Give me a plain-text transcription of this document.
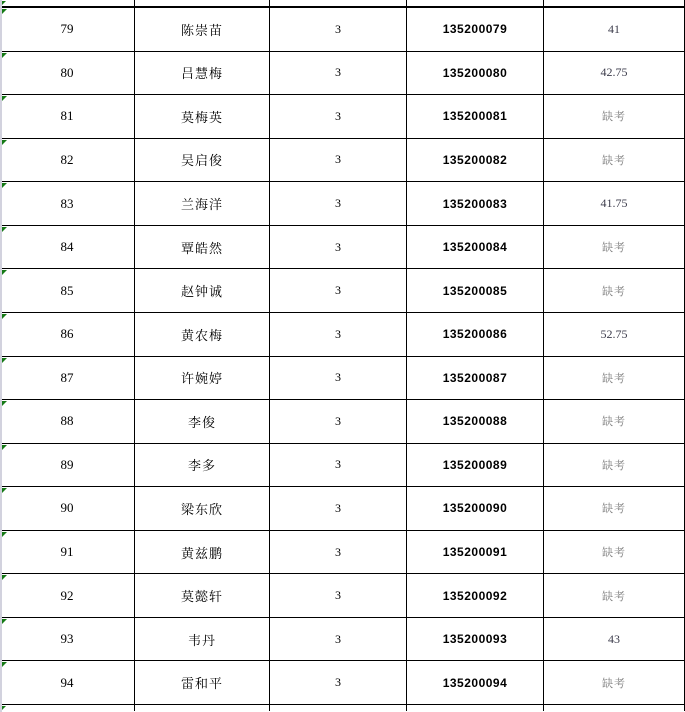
79	陈崇苗	3	135200079	41
80	吕慧梅	3	135200080	42.75
81	莫梅英	3	135200081	缺考
82	吴启俊	3	135200082	缺考
83	兰海洋	3	135200083	41.75
84	覃皓然	3	135200084	缺考
85	赵钟诚	3	135200085	缺考
86	黄农梅	3	135200086	52.75
87	许婉婷	3	135200087	缺考
88	李俊	3	135200088	缺考
89	李多	3	135200089	缺考
90	梁东欣	3	135200090	缺考
91	黄兹鹏	3	135200091	缺考
92	莫懿轩	3	135200092	缺考
93	韦丹	3	135200093	43
94	雷和平	3	135200094	缺考
